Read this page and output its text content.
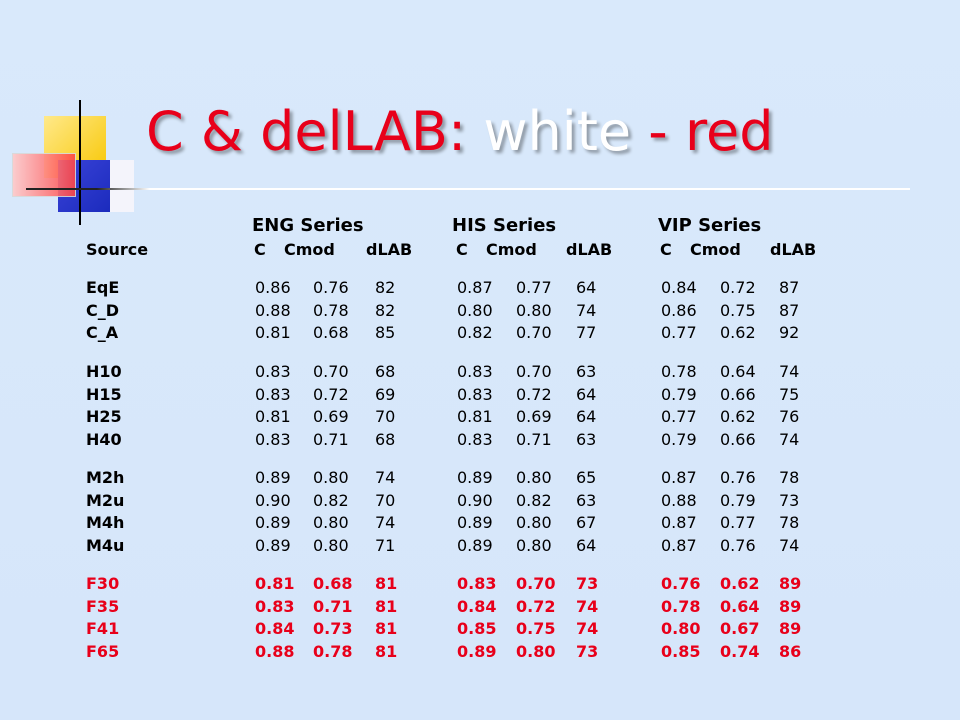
C & delLAB: white - red
ENG Series	HIS Series	VIP Series
Source	C Cmod dLAB	C Cmod dLAB	C Cmod dLAB
EqE	0.86 0.76 82	0.87 0.77 64	0.84 0.72 87
C_D	0.88 0.78 82	0.80 0.80 74	0.86 0.75 87
C_A	0.81 0.68 85	0.82 0.70 77	0.77 0.62 92
H10	0.83 0.70 68	0.83 0.70 63	0.78 0.64 74
H15	0.83 0.72 69	0.83 0.72 64	0.79 0.66 75
H25	0.81 0.69 70	0.81 0.69 64	0.77 0.62 76
H40	0.83 0.71 68	0.83 0.71 63	0.79 0.66 74
M2h	0.89 0.80 74	0.89 0.80 65	0.87 0.76 78
M2u	0.90 0.82 70	0.90 0.82 63	0.88 0.79 73
M4h	0.89 0.80 74	0.89 0.80 67	0.87 0.77 78
M4u	0.89 0.80 71	0.89 0.80 64	0.87 0.76 74
F30	0.81 0.68 81	0.83 0.70 73	0.76 0.62 89
F35	0.83 0.71 81	0.84 0.72 74	0.78 0.64 89
F41	0.84 0.73 81	0.85 0.75 74	0.80 0.67 89
F65	0.88 0.78 81	0.89 0.80 73	0.85 0.74 86
